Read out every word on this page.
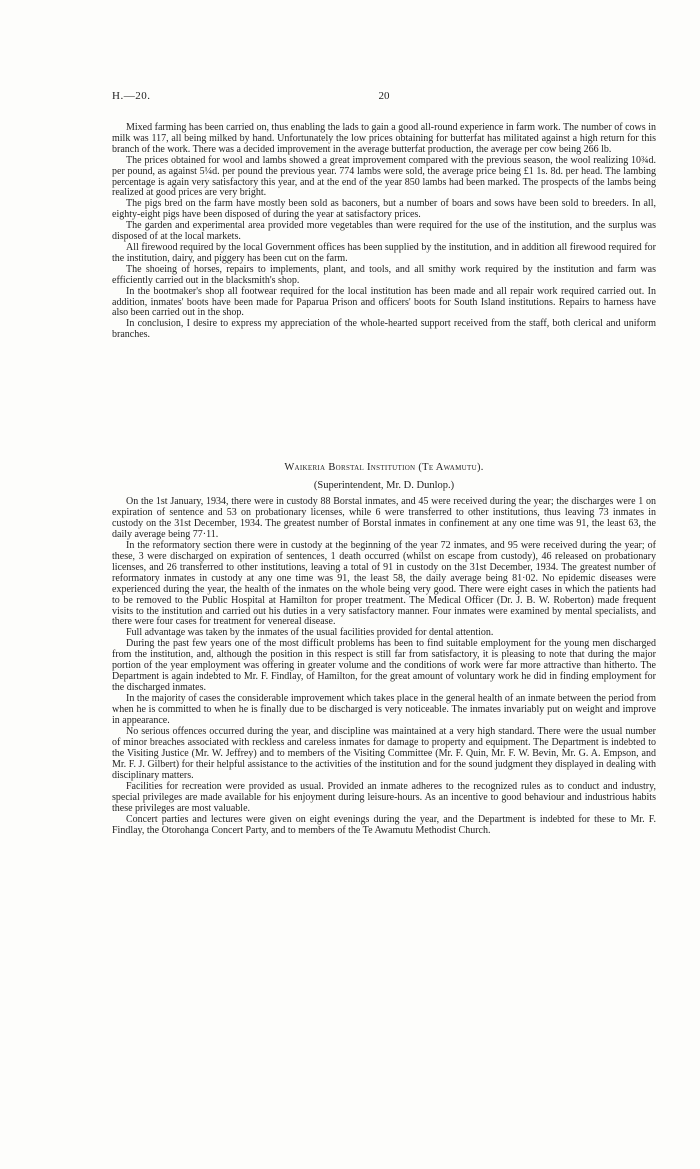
H.—20.	20

Mixed farming has been carried on, thus enabling the lads to gain a good all-round experience in farm work. The number of cows in milk was 117, all being milked by hand. Unfortunately the low prices obtaining for butterfat has militated against a high return for this branch of the work. There was a decided improvement in the average butterfat production, the average per cow being 266 lb.

The prices obtained for wool and lambs showed a great improvement compared with the previous season, the wool realizing 10¾d. per pound, as against 5¼d. per pound the previous year. 774 lambs were sold, the average price being £1 1s. 8d. per head. The lambing percentage is again very satisfactory this year, and at the end of the year 850 lambs had been marked. The prospects of the lambs being realized at good prices are very bright.

The pigs bred on the farm have mostly been sold as baconers, but a number of boars and sows have been sold to breeders. In all, eighty-eight pigs have been disposed of during the year at satisfactory prices.

The garden and experimental area provided more vegetables than were required for the use of the institution, and the surplus was disposed of at the local markets.

All firewood required by the local Government offices has been supplied by the institution, and in addition all firewood required for the institution, dairy, and piggery has been cut on the farm.

The shoeing of horses, repairs to implements, plant, and tools, and all smithy work required by the institution and farm was efficiently carried out in the blacksmith's shop.

In the bootmaker's shop all footwear required for the local institution has been made and all repair work required carried out. In addition, inmates' boots have been made for Paparua Prison and officers' boots for South Island institutions. Repairs to harness have also been carried out in the shop.

In conclusion, I desire to express my appreciation of the whole-hearted support received from the staff, both clerical and uniform branches.

Waikeria Borstal Institution (Te Awamutu).
(Superintendent, Mr. D. Dunlop.)

On the 1st January, 1934, there were in custody 88 Borstal inmates, and 45 were received during the year; the discharges were 1 on expiration of sentence and 53 on probationary licenses, while 6 were transferred to other institutions, thus leaving 73 inmates in custody on the 31st December, 1934. The greatest number of Borstal inmates in confinement at any one time was 91, the least 63, the daily average being 77·11.

In the reformatory section there were in custody at the beginning of the year 72 inmates, and 95 were received during the year; of these, 3 were discharged on expiration of sentences, 1 death occurred (whilst on escape from custody), 46 released on probationary licenses, and 26 transferred to other institutions, leaving a total of 91 in custody on the 31st December, 1934. The greatest number of reformatory inmates in custody at any one time was 91, the least 58, the daily average being 81·02. No epidemic diseases were experienced during the year, the health of the inmates on the whole being very good. There were eight cases in which the patients had to be removed to the Public Hospital at Hamilton for proper treatment. The Medical Officer (Dr. J. B. W. Roberton) made frequent visits to the institution and carried out his duties in a very satisfactory manner. Four inmates were examined by mental specialists, and there were four cases for treatment for venereal disease.

Full advantage was taken by the inmates of the usual facilities provided for dental attention.

During the past few years one of the most difficult problems has been to find suitable employment for the young men discharged from the institution, and, although the position in this respect is still far from satisfactory, it is pleasing to note that during the major portion of the year employment was offering in greater volume and the conditions of work were far more attractive than hitherto. The Department is again indebted to Mr. F. Findlay, of Hamilton, for the great amount of voluntary work he did in finding employment for the discharged inmates.

In the majority of cases the considerable improvement which takes place in the general health of an inmate between the period from when he is committed to when he is finally due to be discharged is very noticeable. The inmates invariably put on weight and improve in appearance.

No serious offences occurred during the year, and discipline was maintained at a very high standard. There were the usual number of minor breaches associated with reckless and careless inmates for damage to property and equipment. The Department is indebted to the Visiting Justice (Mr. W. Jeffrey) and to members of the Visiting Committee (Mr. F. Quin, Mr. F. W. Bevin, Mr. G. A. Empson, and Mr. F. J. Gilbert) for their helpful assistance to the activities of the institution and for the sound judgment they displayed in dealing with disciplinary matters.

Facilities for recreation were provided as usual. Provided an inmate adheres to the recognized rules as to conduct and industry, special privileges are made available for his enjoyment during leisure-hours. As an incentive to good behaviour and industrious habits these privileges are most valuable.

Concert parties and lectures were given on eight evenings during the year, and the Department is indebted for these to Mr. F. Findlay, the Otorohanga Concert Party, and to members of the Te Awamutu Methodist Church.
